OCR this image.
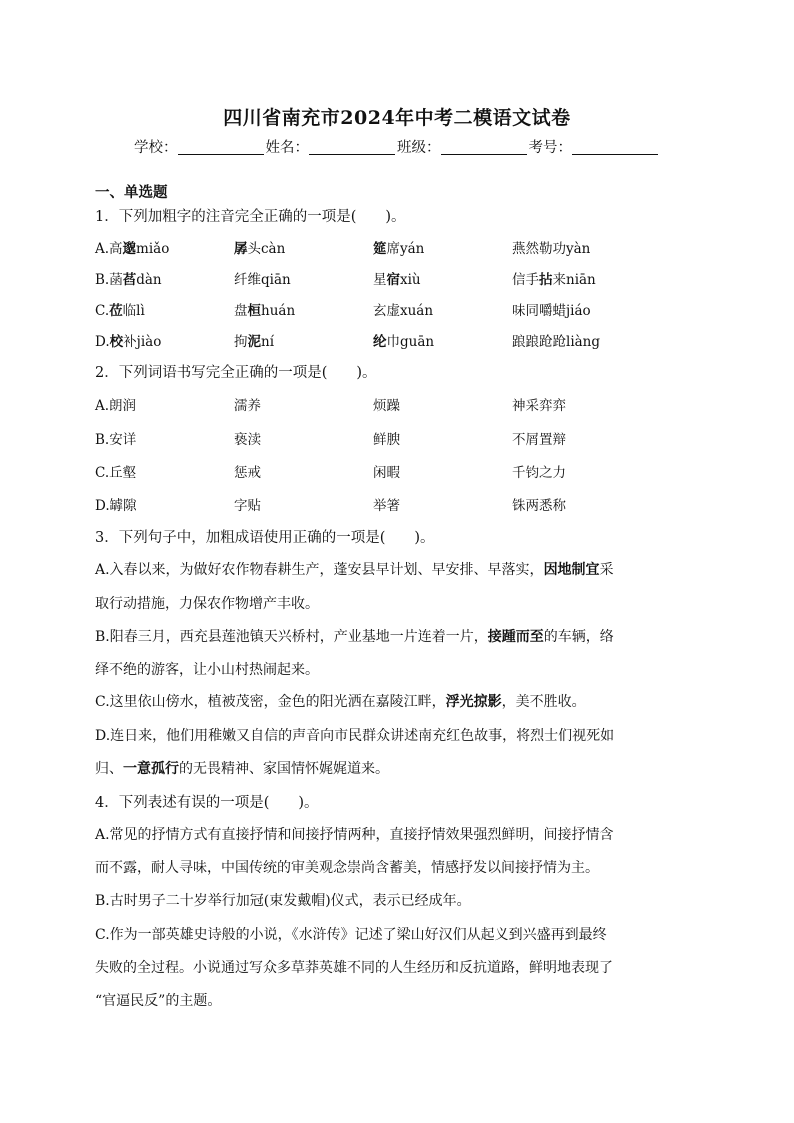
四川省南充市2024年中考二模语文试卷
学校：	姓名：	班级：	考号：
一、单选题
1．下列加粗字的注音完全正确的一项是(　　)。
A.高邈miǎo	孱头càn	筵席yán	燕然勒功yàn
B.菡萏dàn	纤维qiān	星宿xiù	信手拈来niān
C.莅临lì	盘桓huán	玄虚xuán	味同嚼蜡jiáo
D.校补jiào	拘泥ní	纶巾guān	踉踉跄跄liàng
2．下列词语书写完全正确的一项是(　　)。
A.朗润	濡养	烦躁	神采弈弈
B.安详	亵渎	鲜腴	不屑置辩
C.丘壑	惩戒	闲暇	千钧之力
D.罅隙	字贴	举箸	铢两悉称
3．下列句子中，加粗成语使用正确的一项是(　　)。
A.入春以来，为做好农作物春耕生产，蓬安县早计划、早安排、早落实，因地制宜采
取行动措施，力保农作物增产丰收。
B.阳春三月，西充县莲池镇天兴桥村，产业基地一片连着一片，接踵而至的车辆，络
绎不绝的游客，让小山村热闹起来。
C.这里依山傍水，植被茂密，金色的阳光洒在嘉陵江畔，浮光掠影，美不胜收。
D.连日来，他们用稚嫩又自信的声音向市民群众讲述南充红色故事，将烈士们视死如
归、一意孤行的无畏精神、家国情怀娓娓道来。
4．下列表述有误的一项是(　　)。
A.常见的抒情方式有直接抒情和间接抒情两种，直接抒情效果强烈鲜明，间接抒情含
而不露，耐人寻味，中国传统的审美观念崇尚含蓄美，情感抒发以间接抒情为主。
B.古时男子二十岁举行加冠(束发戴帽)仪式，表示已经成年。
C.作为一部英雄史诗般的小说，《水浒传》记述了梁山好汉们从起义到兴盛再到最终
失败的全过程。小说通过写众多草莽英雄不同的人生经历和反抗道路，鲜明地表现了
“官逼民反”的主题。
